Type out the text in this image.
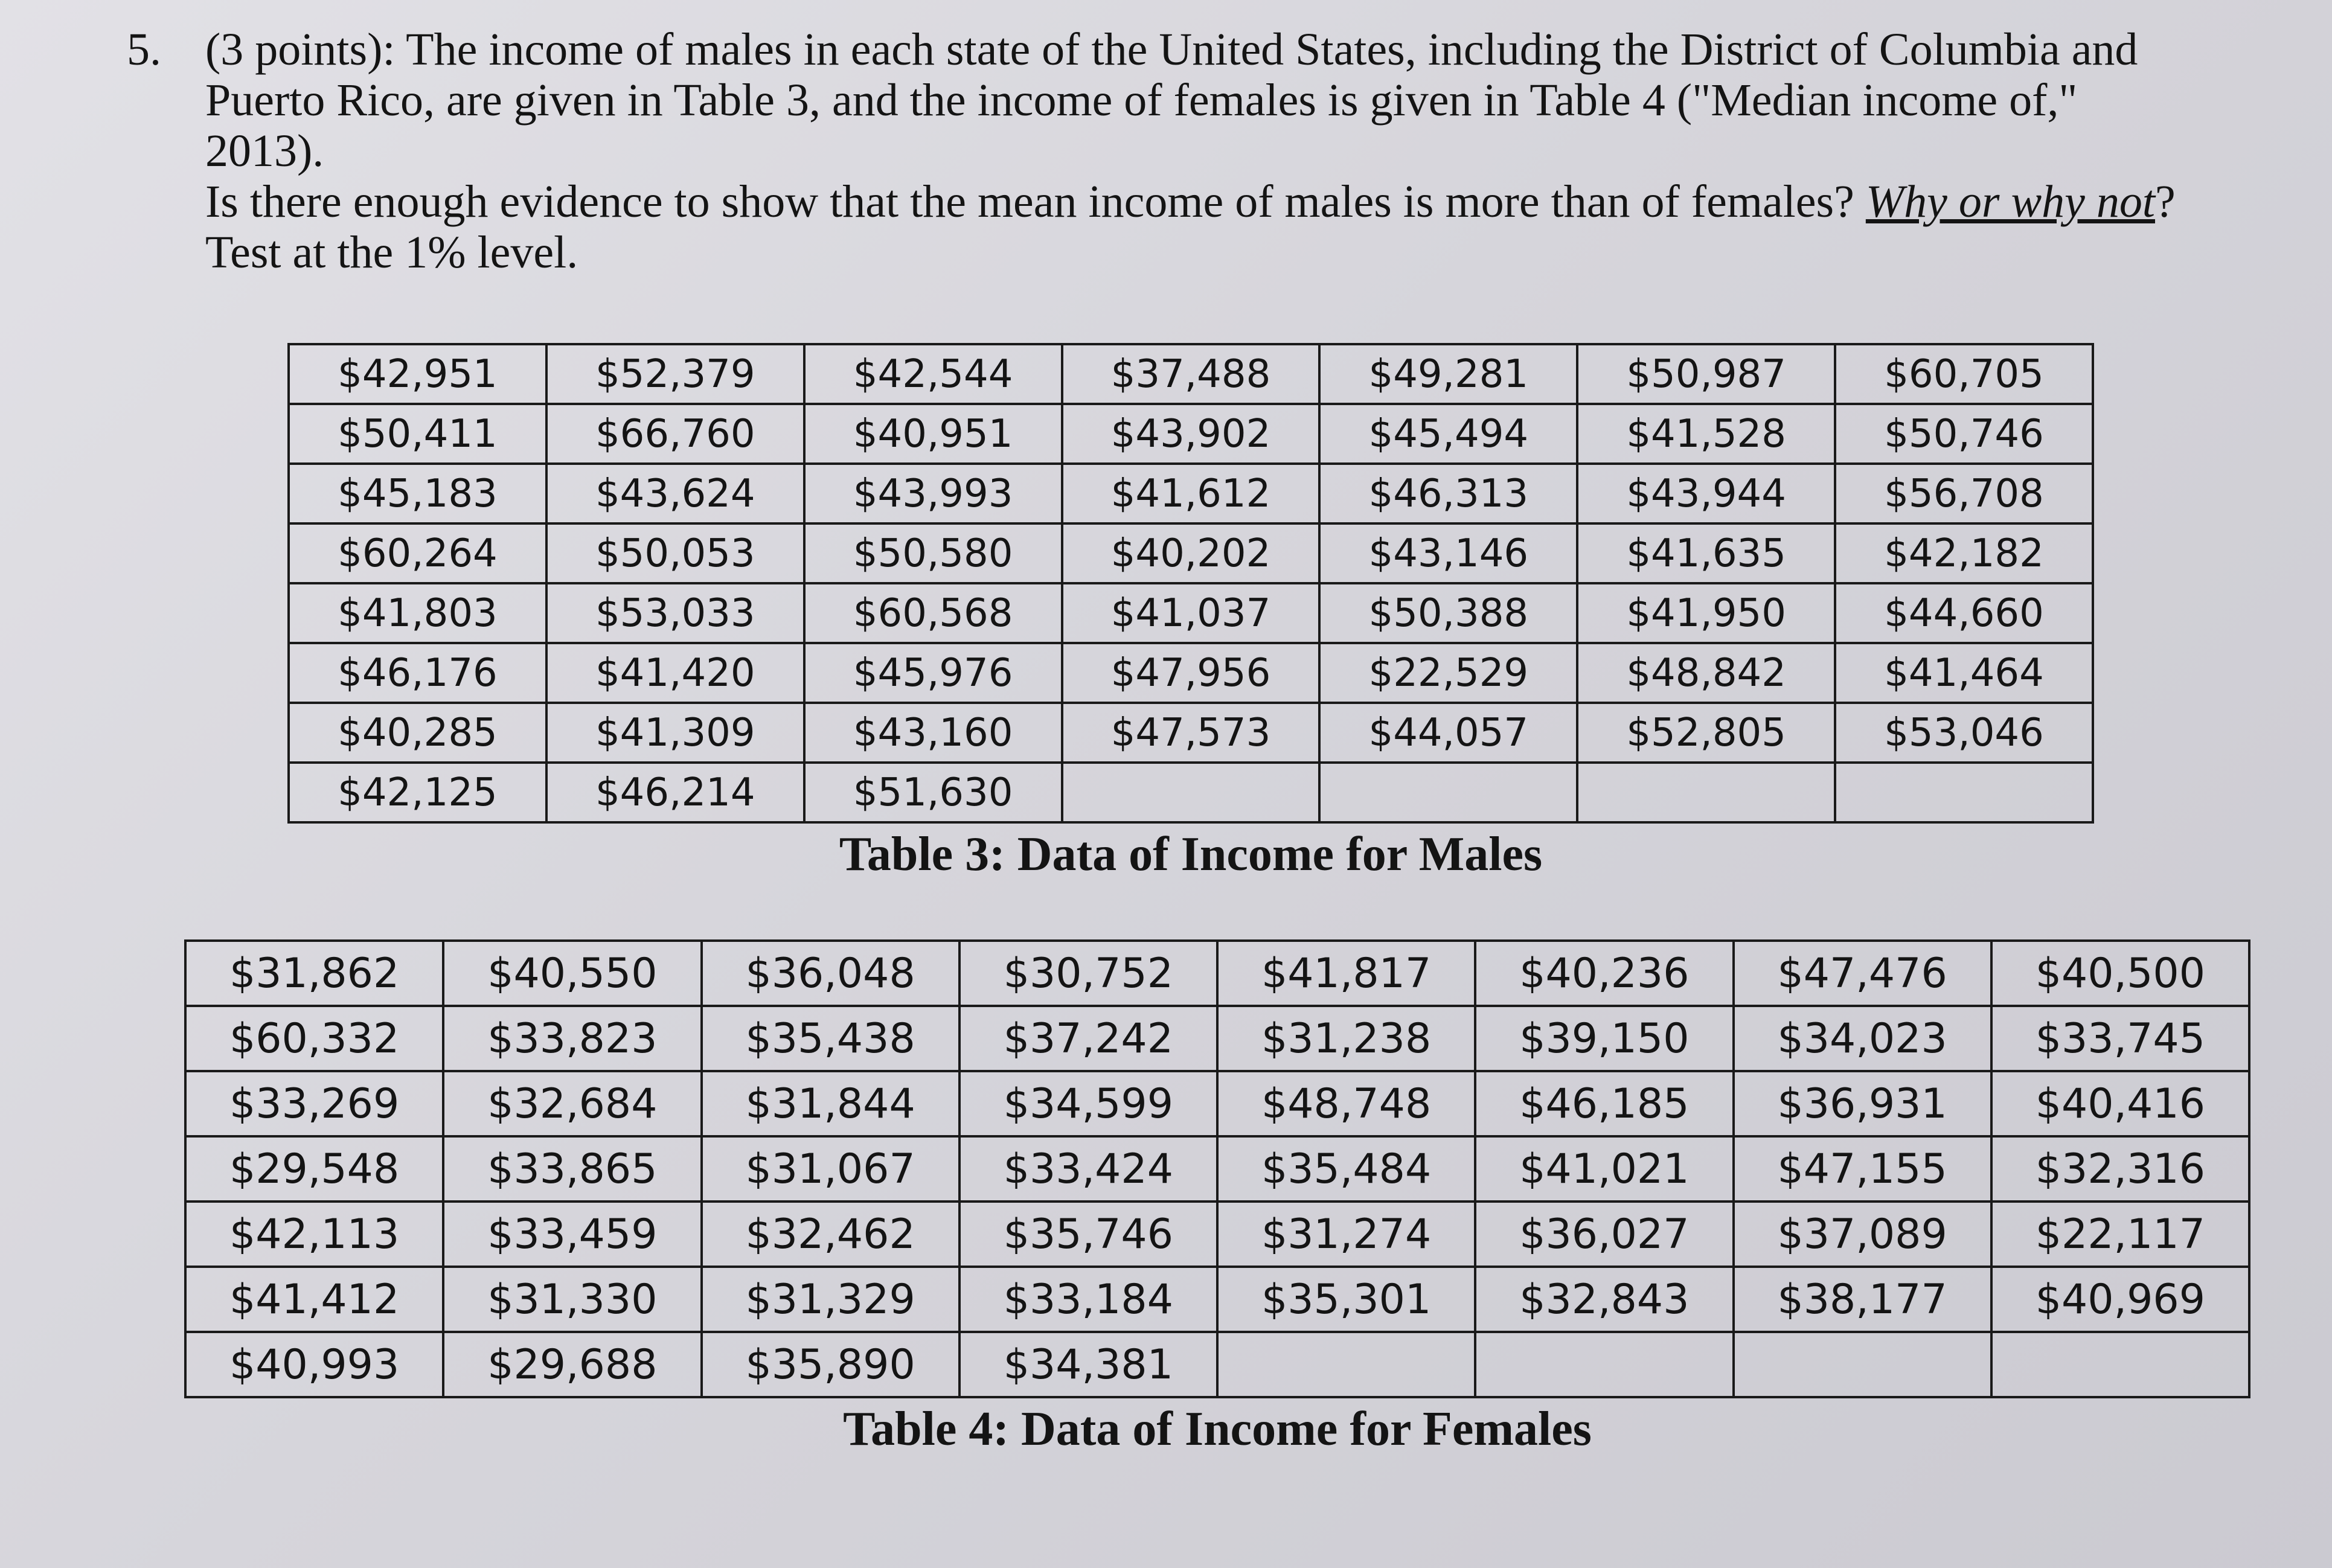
5. (3 points): The income of males in each state of the United States, including the District of Columbia and Puerto Rico, are given in Table 3, and the income of females is given in Table 4 ("Median income of," 2013).

Is there enough evidence to show that the mean income of males is more than of females? Why or why not? Test at the 1% level.

$42,951	$52,379	$42,544	$37,488	$49,281	$50,987	$60,705
$50,411	$66,760	$40,951	$43,902	$45,494	$41,528	$50,746
$45,183	$43,624	$43,993	$41,612	$46,313	$43,944	$56,708
$60,264	$50,053	$50,580	$40,202	$43,146	$41,635	$42,182
$41,803	$53,033	$60,568	$41,037	$50,388	$41,950	$44,660
$46,176	$41,420	$45,976	$47,956	$22,529	$48,842	$41,464
$40,285	$41,309	$43,160	$47,573	$44,057	$52,805	$53,046
$42,125	$46,214	$51,630				
Table 3: Data of Income for Males
$31,862	$40,550	$36,048	$30,752	$41,817	$40,236	$47,476	$40,500
$60,332	$33,823	$35,438	$37,242	$31,238	$39,150	$34,023	$33,745
$33,269	$32,684	$31,844	$34,599	$48,748	$46,185	$36,931	$40,416
$29,548	$33,865	$31,067	$33,424	$35,484	$41,021	$47,155	$32,316
$42,113	$33,459	$32,462	$35,746	$31,274	$36,027	$37,089	$22,117
$41,412	$31,330	$31,329	$33,184	$35,301	$32,843	$38,177	$40,969
$40,993	$29,688	$35,890	$34,381				
Table 4: Data of Income for Females
